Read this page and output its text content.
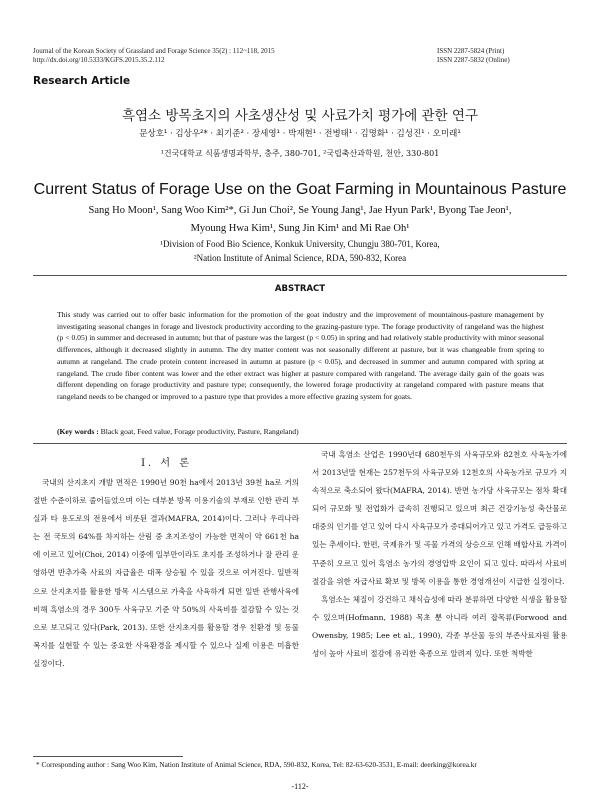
Journal of the Korean Society of Grassland and Forage Science 35(2) : 112~118, 2015
http://dx.doi.org/10.5333/KGFS.2015.35.2.112
ISSN 2287-5824 (Print)
ISSN 2287-5832 (Online)
Research Article
흑염소 방목초지의 사초생산성 및 사료가치 평가에 관한 연구
문상호¹ · 김상우²* · 최기준² · 장세영¹ · 박재현¹ · 전병태¹ · 김명화¹ · 김성진¹ · 오미래¹
¹건국대학교 식품생명과학부, 충주, 380-701, ²국립축산과학원, 천안, 330-801
Current Status of Forage Use on the Goat Farming in Mountainous Pasture
Sang Ho Moon¹, Sang Woo Kim²*, Gi Jun Choi², Se Young Jang¹, Jae Hyun Park¹, Byong Tae Jeon¹,
Myoung Hwa Kim¹, Sung Jin Kim¹ and Mi Rae Oh¹
¹Division of Food Bio Science, Konkuk University, Chungju 380-701, Korea,
²Nation Institute of Animal Science, RDA, 590-832, Korea
ABSTRACT
This study was carried out to offer basic information for the promotion of the goat industry and the improvement of mountainous-pasture management by investigating seasonal changes in forage and livestock productivity according to the grazing-pasture type. The forage productivity of rangeland was the highest (p < 0.05) in summer and decreased in autumn; but that of pasture was the largest (p < 0.05) in spring and had relatively stable productivity with minor seasonal differences, although it decreased slightly in autumn. The dry matter content was not seasonally different at pasture, but it was changeable from spring to autumn at rangeland. The crude protein content increased in autumn at pasture (p < 0.05), and decreased in summer and autumn compared with spring at rangeland. The crude fiber content was lower and the ether extract was higher at pasture compared with rangeland. The average daily gain of the goats was different depending on forage productivity and pasture type; consequently, the lowered forage productivity at rangeland compared with pasture means that rangeland needs to be changed or improved to a pasture type that provides a more effective grazing system for goats.
(Key words : Black goat, Feed value, Forage productivity, Pasture, Rangeland)
Ⅰ. 서 론

국내의 산지초지 개발 면적은 1990년 90천 ha에서 2013년 39천 ha로 거의 절반 수준이하로 줄어들었으며 이는 대부분 방목 이용기술의 부재로 인한 관리 부실과 타 용도로의 전용에서 비롯된 결과(MAFRA, 2014)이다. 그러나 우리나라는 전 국토의 64%를 차지하는 산림 중 초지조성이 가능한 면적이 약 661천 ha에 이르고 있어(Choi, 2014) 이중에 일부만이라도 초지를 조성하거나 잘 관리 운영하면 반추가축 사료의 자급율은 대폭 상승될 수 있을 것으로 여겨진다. 일반적으로 산지초지를 활용한 방목 시스템으로 가축을 사육하게 되면 일반 관행사육에 비해 흑염소의 경우 300두 사육규모 기준 약 50%의 사육비를 절감할 수 있는 것으로 보고되고 있다(Park, 2013). 또한 산지초지를 활용할 경우 친환경 및 동물복지를 실현할 수 있는 중요한 사육환경을 제시할 수 있으나 실제 이용은 미흡한 실정이다.

국내 흑염소 산업은 1990년대 680천두의 사육규모와 82천호 사육농가에서 2013년말 현재는 257천두의 사육규모와 12천호의 사육농가로 규모가 지속적으로 축소되어 왔다(MAFRA, 2014). 반면 농가당 사육규모는 점차 확대되어 규모화 및 전업화가 급속히 진행되고 있으며 최근 건강기능성 축산물로 대중의 인기를 얻고 있어 다시 사육규모가 증대되어가고 있고 가격도 급등하고 있는 추세이다. 한편, 국제유가 및 곡물 가격의 상승으로 인해 배합사료 가격이 꾸준히 오르고 있어 흑염소 농가의 경영압박 요인이 되고 있다. 따라서 사료비 절감을 위한 자급사료 확보 및 방목 이용을 통한 경영개선이 시급한 실정이다.

흑염소는 체질이 강건하고 채식습성에 따라 분류하면 다양한 식생을 활용할 수 있으며(Hofmann, 1988) 목초 뿐 아니라 여러 잡목류(Forwood and Owensby, 1985; Lee et al., 1990), 각종 부산물 등의 부존사료자원 활용성이 높아 사료비 절감에 유리한 축종으로 알려져 있다. 또한 척박한

* Corresponding author : Sang Woo Kim, Nation Institute of Animal Science, RDA, 590-832, Korea, Tel: 82-63-620-3531, E-mail: deerking@korea.kr
-112-
